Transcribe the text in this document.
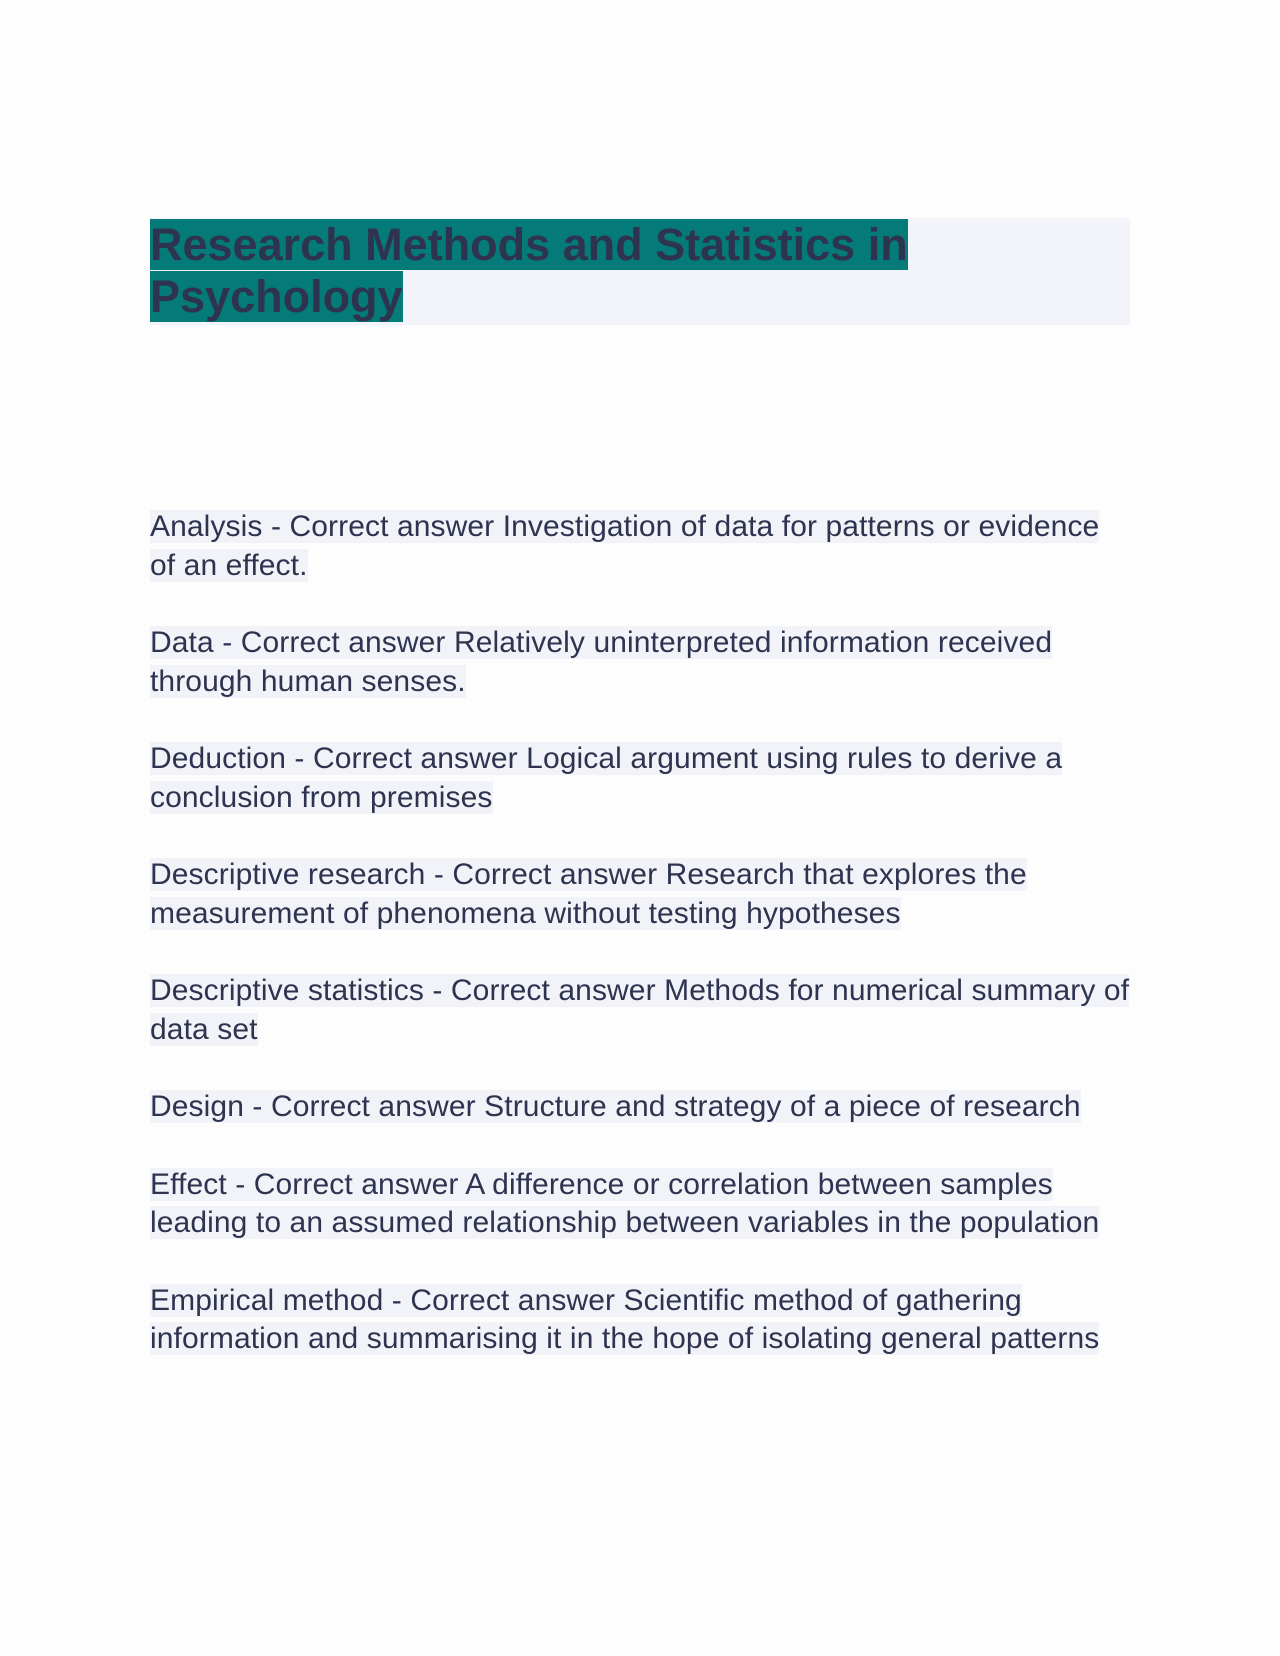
Research Methods and Statistics in Psychology

Analysis - Correct answer Investigation of data for patterns or evidence of an effect.

Data - Correct answer Relatively uninterpreted information received through human senses.

Deduction - Correct answer Logical argument using rules to derive a conclusion from premises

Descriptive research - Correct answer Research that explores the measurement of phenomena without testing hypotheses

Descriptive statistics - Correct answer Methods for numerical summary of data set

Design - Correct answer Structure and strategy of a piece of research

Effect - Correct answer A difference or correlation between samples leading to an assumed relationship between variables in the population

Empirical method - Correct answer Scientific method of gathering information and summarising it in the hope of isolating general patterns
